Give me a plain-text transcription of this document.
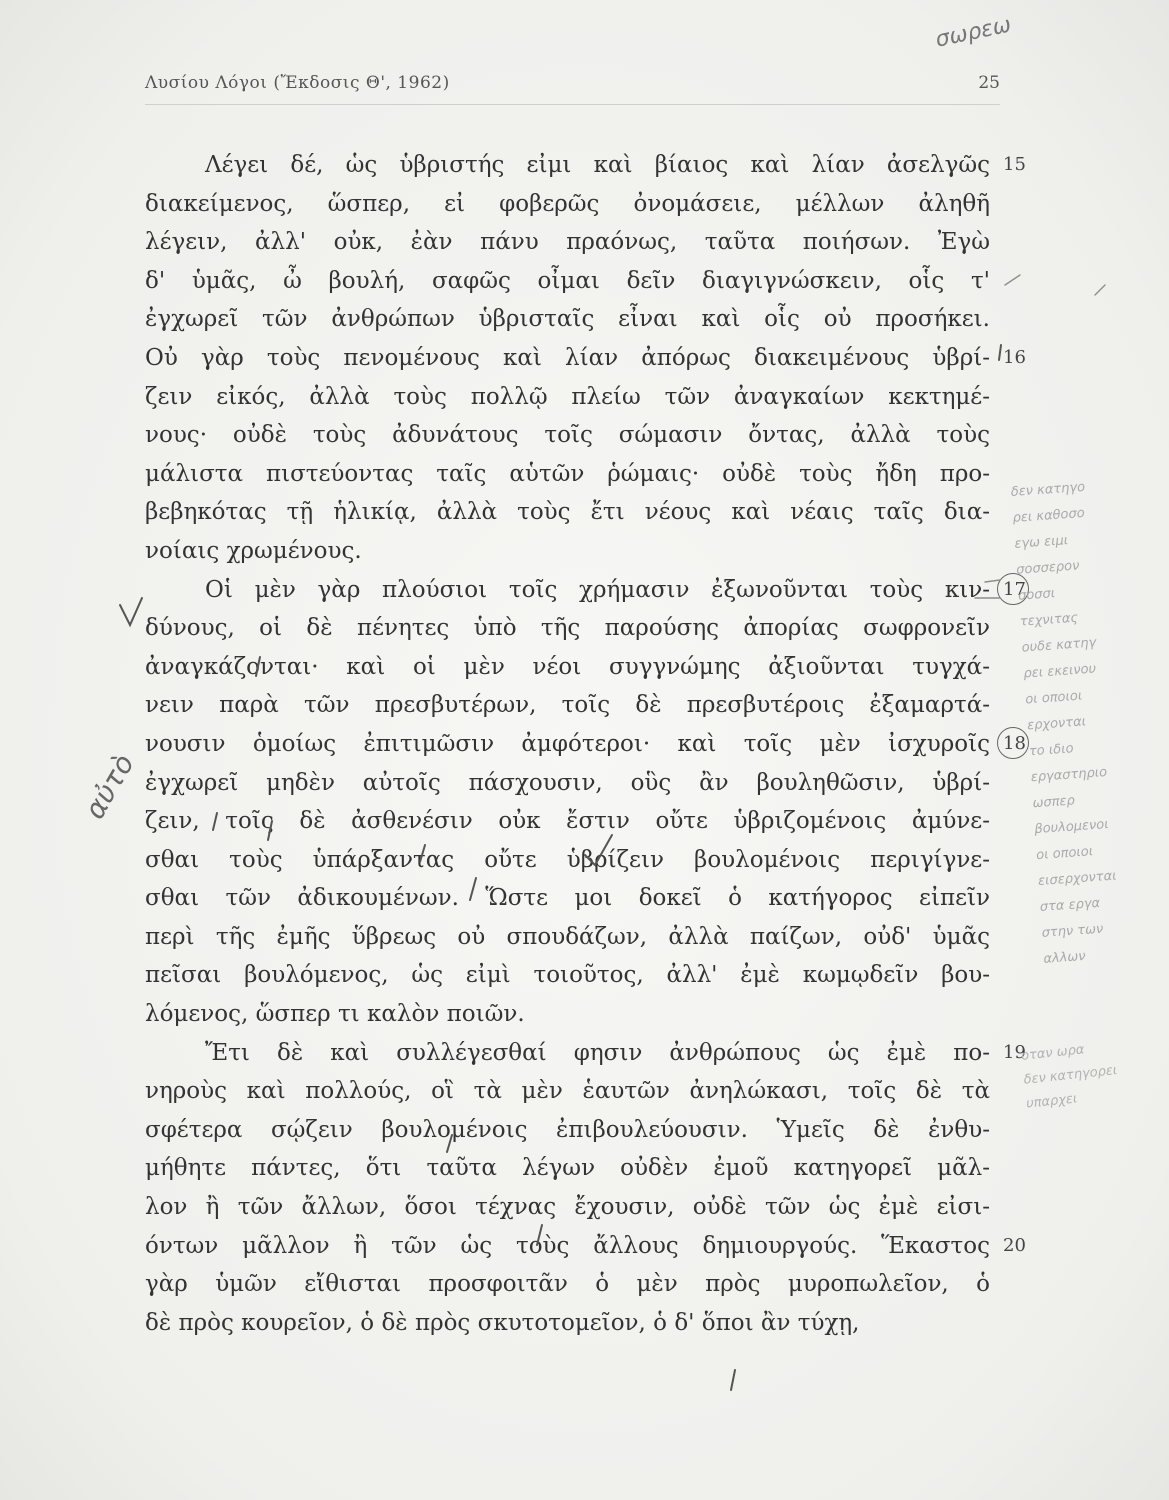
Λυσίου Λόγοι (Ἔκδοσις Θ', 1962)	25
Λέγει δέ, ὡς ὑβριστής εἰμι καὶ βίαιος καὶ λίαν ἀσελγῶς
διακείμενος, ὥσπερ, εἰ φοβερῶς ὀνομάσειε, μέλλων ἀληθῆ
λέγειν, ἀλλ' οὐκ, ἐὰν πάνυ πραόνως, ταῦτα ποιήσων. Ἐγὼ
δ' ὑμᾶς, ὦ βουλή, σαφῶς οἶμαι δεῖν διαγιγνώσκειν, οἷς τ'
ἐγχωρεῖ τῶν ἀνθρώπων ὑβρισταῖς εἶναι καὶ οἷς οὐ προσήκει.
Οὐ γὰρ τοὺς πενομένους καὶ λίαν ἀπόρως διακειμένους ὑβρί-
ζειν εἰκός, ἀλλὰ τοὺς πολλῷ πλείω τῶν ἀναγκαίων κεκτημέ-
νους· οὐδὲ τοὺς ἀδυνάτους τοῖς σώμασιν ὄντας, ἀλλὰ τοὺς
μάλιστα πιστεύοντας ταῖς αὑτῶν ῥώμαις· οὐδὲ τοὺς ἤδη προ-
βεβηκότας τῇ ἡλικίᾳ, ἀλλὰ τοὺς ἔτι νέους καὶ νέαις ταῖς δια-
νοίαις χρωμένους.
Οἱ μὲν γὰρ πλούσιοι τοῖς χρήμασιν ἐξωνοῦνται τοὺς κιν-
δύνους, οἱ δὲ πένητες ὑπὸ τῆς παρούσης ἀπορίας σωφρονεῖν
ἀναγκάζονται· καὶ οἱ μὲν νέοι συγγνώμης ἀξιοῦνται τυγχά-
νειν παρὰ τῶν πρεσβυτέρων, τοῖς δὲ πρεσβυτέροις ἐξαμαρτά-
νουσιν ὁμοίως ἐπιτιμῶσιν ἀμφότεροι· καὶ τοῖς μὲν ἰσχυροῖς
ἐγχωρεῖ μηδὲν αὐτοῖς πάσχουσιν, οὓς ἂν βουληθῶσιν, ὑβρί-
ζειν, τοῖς δὲ ἀσθενέσιν οὐκ ἔστιν οὔτε ὑβριζομένοις ἀμύνε-
σθαι τοὺς ὑπάρξαντας οὔτε ὑβρίζειν βουλομένοις περιγίγνε-
σθαι τῶν ἀδικουμένων. Ὥστε μοι δοκεῖ ὁ κατήγορος εἰπεῖν
περὶ τῆς ἐμῆς ὕβρεως οὐ σπουδάζων, ἀλλὰ παίζων, οὐδ' ὑμᾶς
πεῖσαι βουλόμενος, ὡς εἰμὶ τοιοῦτος, ἀλλ' ἐμὲ κωμῳδεῖν βου-
λόμενος, ὥσπερ τι καλὸν ποιῶν.
Ἔτι δὲ καὶ συλλέγεσθαί φησιν ἀνθρώπους ὡς ἐμὲ πο-
νηροὺς καὶ πολλούς, οἳ τὰ μὲν ἑαυτῶν ἀνηλώκασι, τοῖς δὲ τὰ
σφέτερα σῴζειν βουλομένοις ἐπιβουλεύουσιν. Ὑμεῖς δὲ ἐνθυ-
μήθητε πάντες, ὅτι ταῦτα λέγων οὐδὲν ἐμοῦ κατηγορεῖ μᾶλ-
λον ἢ τῶν ἄλλων, ὅσοι τέχνας ἔχουσιν, οὐδὲ τῶν ὡς ἐμὲ εἰσι-
όντων μᾶλλον ἢ τῶν ὡς τοὺς ἄλλους δημιουργούς. Ἕκαστος
γὰρ ὑμῶν εἴθισται προσφοιτᾶν ὁ μὲν πρὸς μυροπωλεῖον, ὁ
δὲ πρὸς κουρεῖον, ὁ δὲ πρὸς σκυτοτομεῖον, ὁ δ' ὅποι ἂν τύχῃ,
15
16
17
18
19
20
σωρεω
αὐτὸ
δεν κατηγο
ρει καθοσο
εγω ειμι
σοσσερον
σοσσι
τεχνιτας
ουδε κατηγ
ρει εκεινου
οι οποιοι
ερχονται
το ιδιο
εργαστηριο
ωσπερ
βουλομενοι
οι οποιοι
εισερχονται
στα εργα
στην των
αλλων
οταν ωρα
δεν κατηγορει
υπαρχει
